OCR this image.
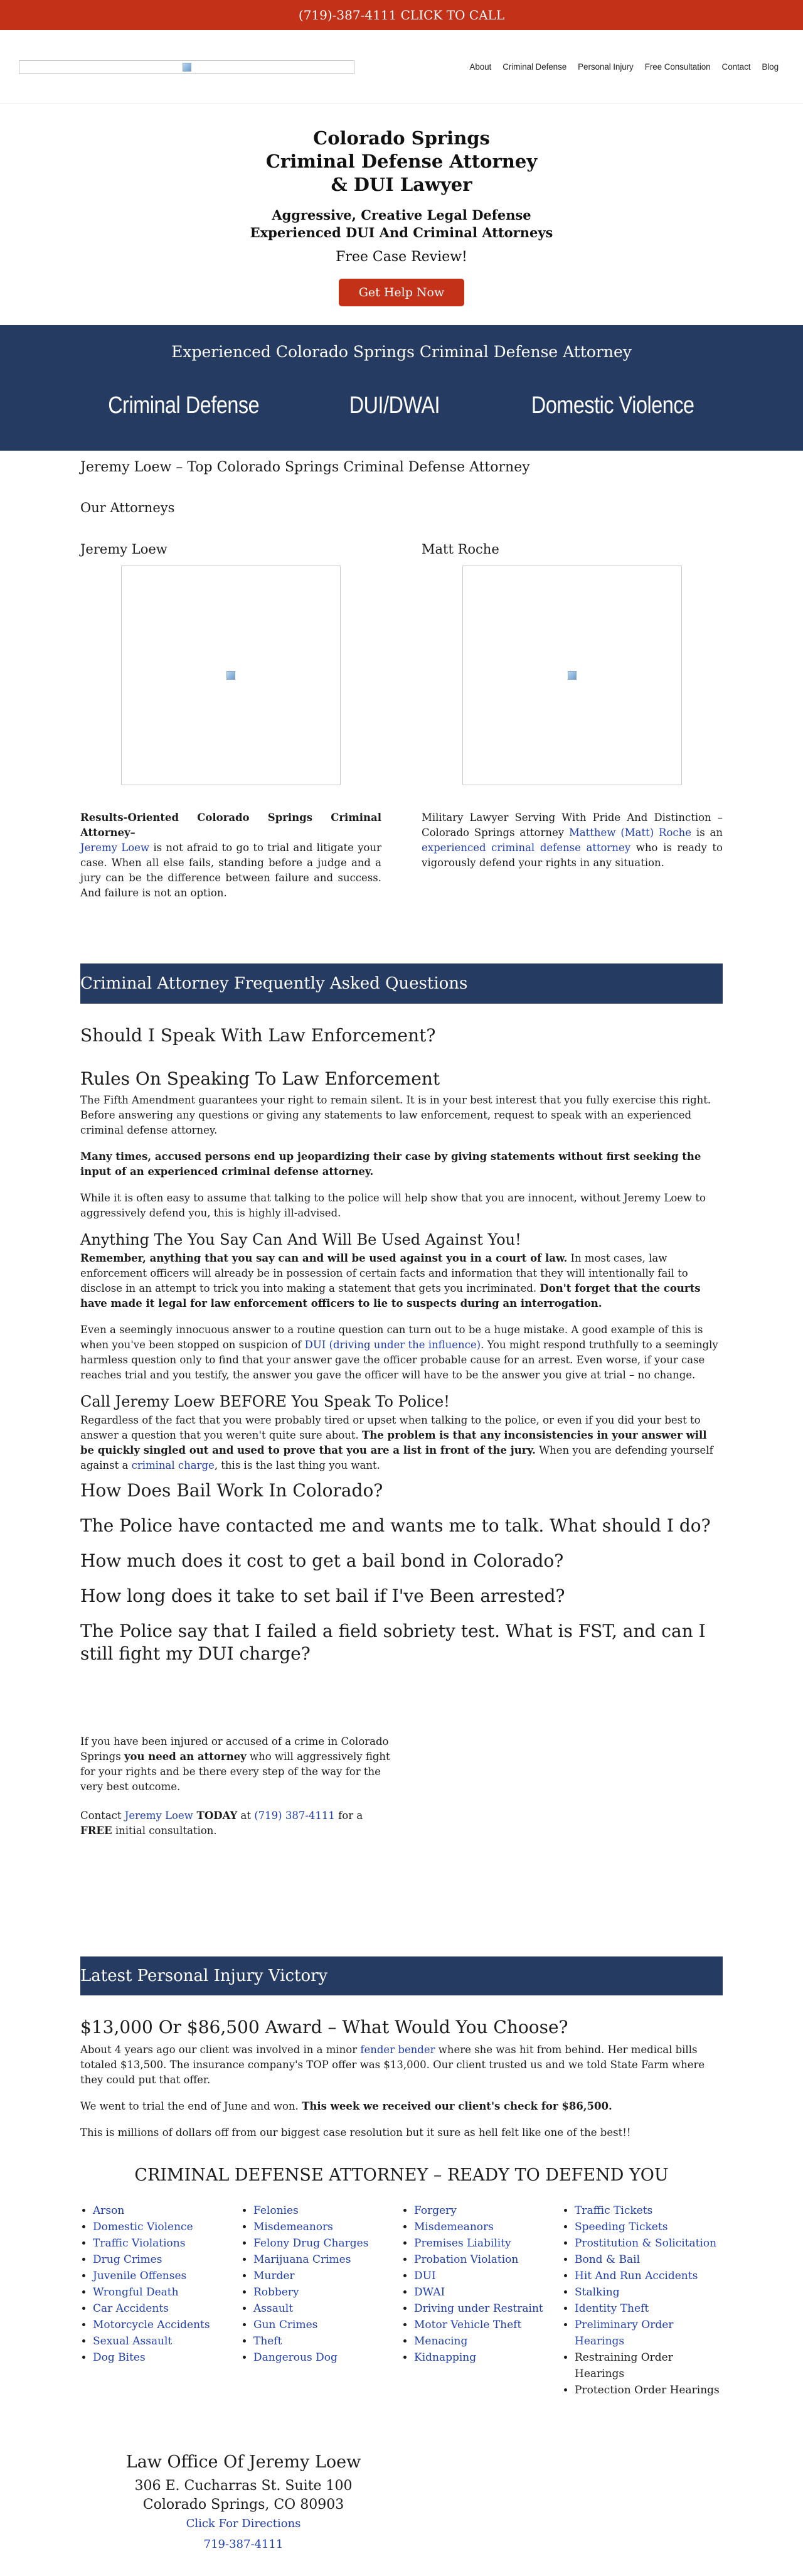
(719)-387-4111 CLICK TO CALL
About	Criminal Defense	Personal Injury	Free Consultation	Contact	Blog
Colorado Springs
Criminal Defense Attorney
& DUI Lawyer
Aggressive, Creative Legal Defense
Experienced DUI And Criminal Attorneys
Free Case Review!
Get Help Now
Experienced Colorado Springs Criminal Defense Attorney
Criminal Defense	DUI/DWAI	Domestic Violence
Jeremy Loew – Top Colorado Springs Criminal Defense Attorney
Our Attorneys
Jeremy Loew

Results-Oriented Colorado Springs Criminal Attorney–
Jeremy Loew is not afraid to go to trial and litigate your case. When all else fails, standing before a judge and a jury can be the difference between failure and success. And failure is not an option.

Matt Roche

Military Lawyer Serving With Pride And Distinction – Colorado Springs attorney Matthew (Matt) Roche is an experienced criminal defense attorney who is ready to vigorously defend your rights in any situation.

Criminal Attorney Frequently Asked Questions
Should I Speak With Law Enforcement?
Rules On Speaking To Law Enforcement

The Fifth Amendment guarantees your right to remain silent. It is in your best interest that you fully exercise this right. Before answering any questions or giving any statements to law enforcement, request to speak with an experienced criminal defense attorney.

Many times, accused persons end up jeopardizing their case by giving statements without first seeking the input of an experienced criminal defense attorney.

While it is often easy to assume that talking to the police will help show that you are innocent, without Jeremy Loew to aggressively defend you, this is highly ill-advised.

Anything The You Say Can And Will Be Used Against You!

Remember, anything that you say can and will be used against you in a court of law. In most cases, law enforcement officers will already be in possession of certain facts and information that they will intentionally fail to disclose in an attempt to trick you into making a statement that gets you incriminated. Don't forget that the courts have made it legal for law enforcement officers to lie to suspects during an interrogation.

Even a seemingly innocuous answer to a routine question can turn out to be a huge mistake. A good example of this is when you've been stopped on suspicion of DUI (driving under the influence). You might respond truthfully to a seemingly harmless question only to find that your answer gave the officer probable cause for an arrest. Even worse, if your case reaches trial and you testify, the answer you gave the officer will have to be the answer you give at trial – no change.

Call Jeremy Loew BEFORE You Speak To Police!

Regardless of the fact that you were probably tired or upset when talking to the police, or even if you did your best to answer a question that you weren't quite sure about. The problem is that any inconsistencies in your answer will be quickly singled out and used to prove that you are a list in front of the jury. When you are defending yourself against a criminal charge, this is the last thing you want.

How Does Bail Work In Colorado?
The Police have contacted me and wants me to talk. What should I do?
How much does it cost to get a bail bond in Colorado?
How long does it take to set bail if I've Been arrested?
The Police say that I failed a field sobriety test. What is FST, and can I still fight my DUI charge?

If you have been injured or accused of a crime in Colorado Springs you need an attorney who will aggressively fight for your rights and be there every step of the way for the very best outcome.

Contact Jeremy Loew TODAY at (719) 387-4111 for a FREE initial consultation.

Latest Personal Injury Victory
$13,000 Or $86,500 Award – What Would You Choose?

About 4 years ago our client was involved in a minor fender bender where she was hit from behind. Her medical bills totaled $13,500. The insurance company's TOP offer was $13,000. Our client trusted us and we told State Farm where they could put that offer.

We went to trial the end of June and won. This week we received our client's check for $86,500.

This is millions of dollars off from our biggest case resolution but it sure as hell felt like one of the best!!

CRIMINAL DEFENSE ATTORNEY – READY TO DEFEND YOU
• Arson
• Domestic Violence
• Traffic Violations
• Drug Crimes
• Juvenile Offenses
• Wrongful Death
• Car Accidents
• Motorcycle Accidents
• Sexual Assault
• Dog Bites
• Felonies
• Misdemeanors
• Felony Drug Charges
• Marijuana Crimes
• Murder
• Robbery
• Assault
• Gun Crimes
• Theft
• Dangerous Dog
• Forgery
• Misdemeanors
• Premises Liability
• Probation Violation
• DUI
• DWAI
• Driving under Restraint
• Motor Vehicle Theft
• Menacing
• Kidnapping
• Traffic Tickets
• Speeding Tickets
• Prostitution & Solicitation
• Bond & Bail
• Hit And Run Accidents
• Stalking
• Identity Theft
• Preliminary Order Hearings
• Restraining Order Hearings
• Protection Order Hearings
Law Office Of Jeremy Loew
306 E. Cucharras St. Suite 100
Colorado Springs, CO 80903
Click For Directions
719-387-4111
